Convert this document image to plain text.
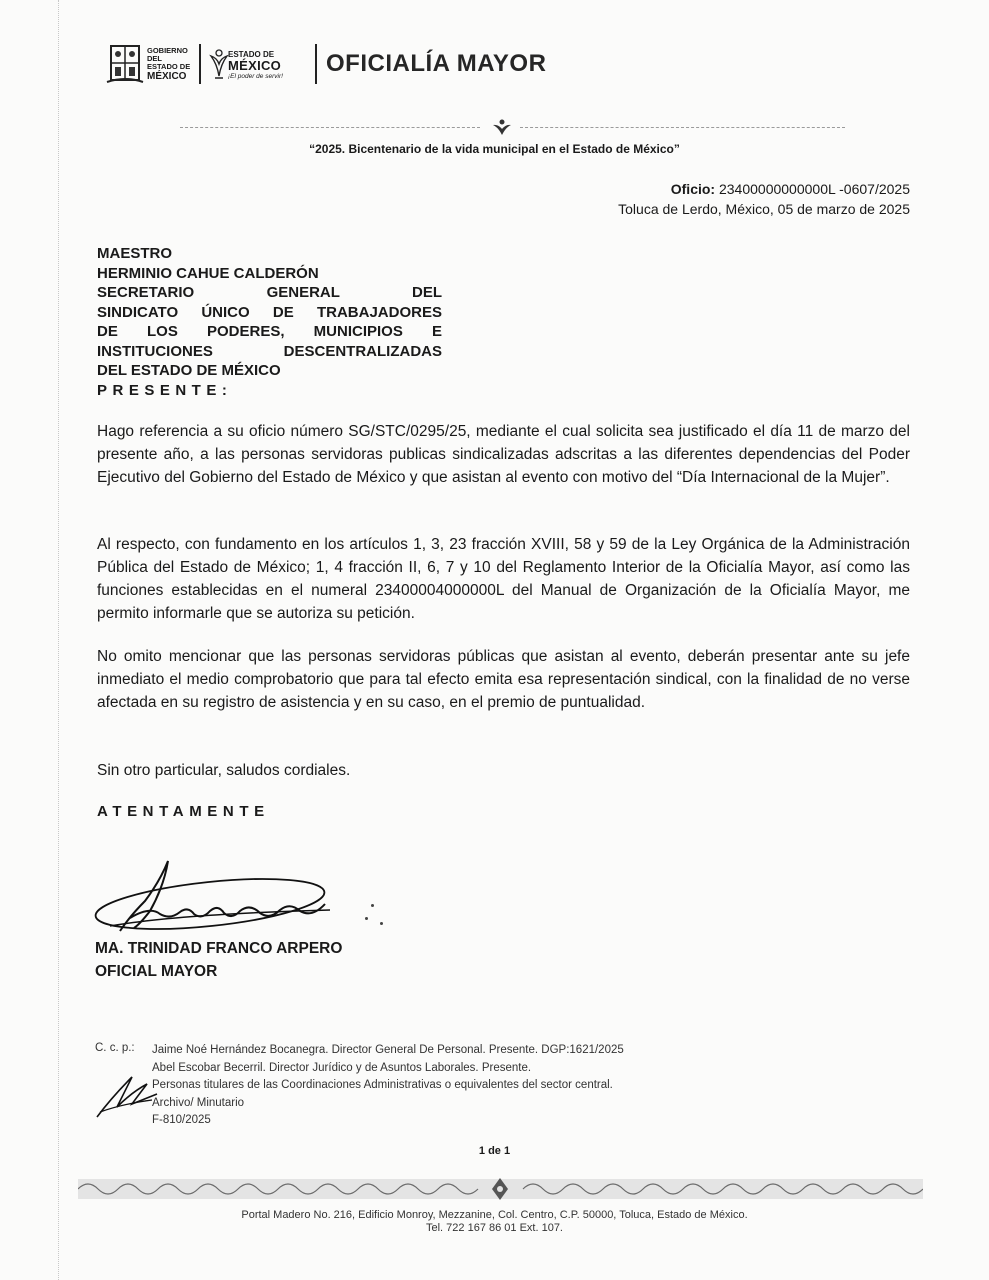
GOBIERNO DEL
ESTADO DE
MÉXICO
ESTADO DE
MÉXICO
¡El poder de servir!	OFICIALÍA MAYOR
“2025. Bicentenario de la vida municipal en el Estado de México”
Oficio: 23400000000000L -0607/2025
Toluca de Lerdo, México, 05 de marzo de 2025
MAESTRO
HERMINIO CAHUE CALDERÓN
SECRETARIO GENERAL DEL
SINDICATO ÚNICO DE TRABAJADORES
DE LOS PODERES, MUNICIPIOS E
INSTITUCIONES DESCENTRALIZADAS
DEL ESTADO DE MÉXICO
PRESENTE:
Hago referencia a su oficio número SG/STC/0295/25, mediante el cual solicita sea justificado el día 11 de marzo del presente año, a las personas servidoras publicas sindicalizadas adscritas a las diferentes dependencias del Poder Ejecutivo del Gobierno del Estado de México y que asistan al evento con motivo del “Día Internacional de la Mujer”.
Al respecto, con fundamento en los artículos 1, 3, 23 fracción XVIII, 58 y 59 de la Ley Orgánica de la Administración Pública del Estado de México; 1, 4 fracción II, 6, 7 y 10 del Reglamento Interior de la Oficialía Mayor, así como las funciones establecidas en el numeral 23400004000000L del Manual de Organización de la Oficialía Mayor, me permito informarle que se autoriza su petición.
No omito mencionar que las personas servidoras públicas que asistan al evento, deberán presentar ante su jefe inmediato el medio comprobatorio que para tal efecto emita esa representación sindical, con la finalidad de no verse afectada en su registro de asistencia y en su caso, en el premio de puntualidad.
Sin otro particular, saludos cordiales.
ATENTAMENTE
MA. TRINIDAD FRANCO ARPERO
OFICIAL MAYOR
C. c. p.: Jaime Noé Hernández Bocanegra. Director General De Personal. Presente. DGP:1621/2025
Abel Escobar Becerril. Director Jurídico y de Asuntos Laborales. Presente.
Personas titulares de las Coordinaciones Administrativas o equivalentes del sector central.
Archivo/ Minutario
F-810/2025
1 de 1
Portal Madero No. 216, Edificio Monroy, Mezzanine, Col. Centro, C.P. 50000, Toluca, Estado de México.
Tel. 722 167 86 01 Ext. 107.
